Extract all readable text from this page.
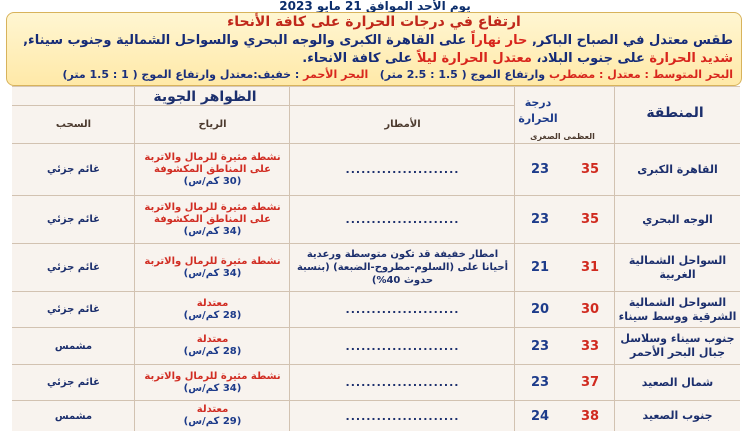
يوم الأحد الموافق 21 مايو 2023
ارتفاع في درجات الحرارة على كافة الأنحاء
طقس معتدل في الصباح الباكر, حار نهاراً على القاهرة الكبرى والوجه البحري والسواحل الشمالية وجنوب سيناء, شديد الحرارة على جنوب البلاد، معتدل الحرارة ليلاً على كافة الانحاء.
البحر المتوسط : معتدل : مضطرب وارتفاع الموج ( 1.5 : 2.5 متر)   البحر الأحمر : خفيف:معتدل وارتفاع الموج ( 1 : 1.5 متر)
المنطقة
درجة الحرارة
العظمى الصغرى
الظواهر الجوية
الأمطار
الرياح
السحب
القاهرة الكبرى
35
23
......................
نشطة مثيرة للرمال والاتربة على المناطق المكشوفة
(30 كم/س)
غائم جزئي
الوجه البحري
35
23
......................
نشطة مثيرة للرمال والاتربة على المناطق المكشوفة
(34 كم/س)
غائم جزئي
السواحل الشمالية الغربية
31
21
امطار خفيفة قد تكون متوسطة ورعدية أحيانا على (السلوم-مطروح-الضبعة) (بنسبة حدوث 40%)
نشطة مثيرة للرمال والاتربة
(34 كم/س)
غائم جزئي
السواحل الشمالية الشرقية ووسط سيناء
30
20
......................
معتدلة
(28 كم/س)
غائم جزئي
جنوب سيناء وسلاسل جبال البحر الأحمر
33
23
......................
معتدلة
(28 كم/س)
مشمس
شمال الصعيد
37
23
......................
نشطة مثيرة للرمال والاتربة
(34 كم/س)
غائم جزئي
جنوب الصعيد
38
24
......................
معتدلة
(29 كم/س)
مشمس
